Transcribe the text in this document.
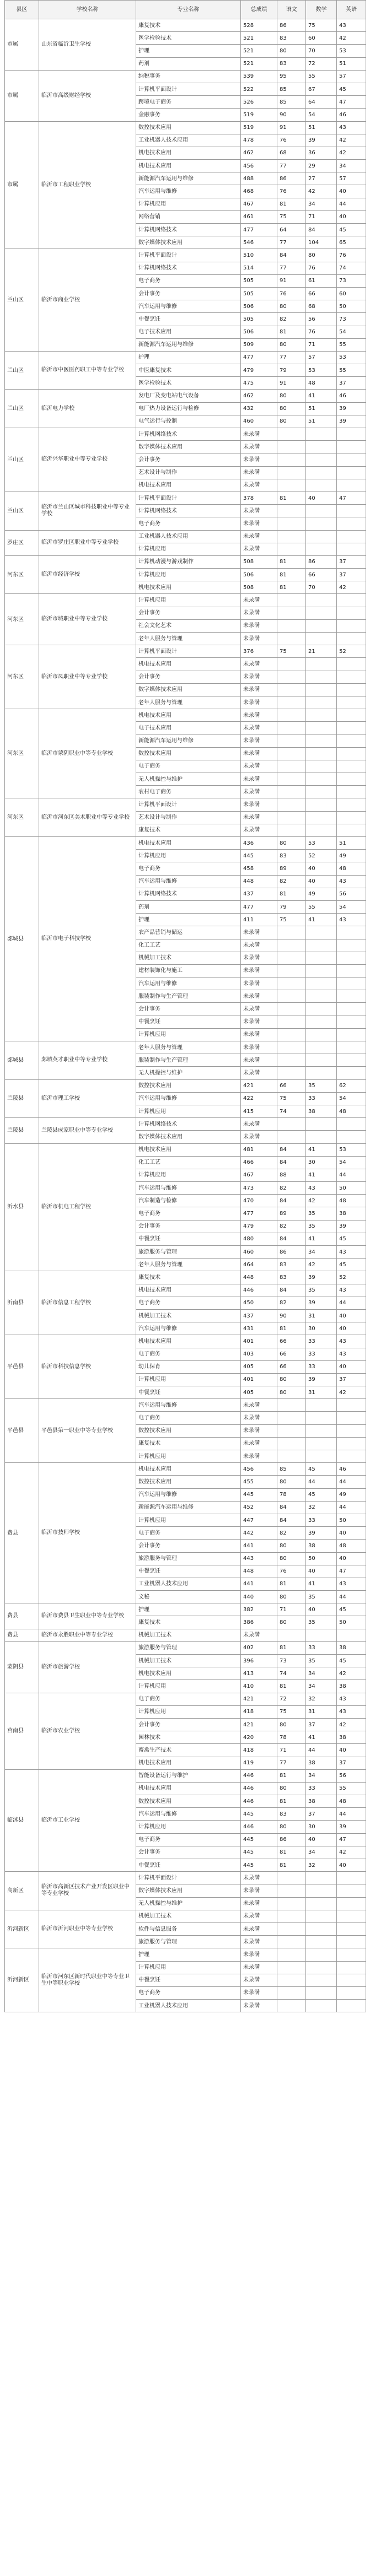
县区	学校名称	专业名称	总成绩	语文	数学	英语
市属	山东省临沂卫生学校	康复技术	528	86	75	43
		医学检验技术	521	83	60	42
		护理	521	80	70	53
		药剂	521	83	72	51
市属	临沂市高级财经学校	纳税事务	539	95	55	57
		计算机平面设计	522	85	67	45
		跨境电子商务	526	85	64	47
		金融事务	519	90	54	46
市属	临沂市工程职业学校	数控技术应用	519	91	51	43
		工业机器人技术应用	478	76	39	42
		机电技术应用	462	68	36	42
		机电技术应用	456	77	29	34
		新能源汽车运用与维修	488	86	27	57
		汽车运用与维修	468	76	42	40
		计算机应用	467	81	34	44
		网络营销	461	75	71	40
		计算机网络技术	477	64	84	45
		数字媒体技术应用	546	77	104	65
兰山区	临沂市商业学校	计算机平面设计	510	84	80	76
		计算机网络技术	514	77	76	74
		电子商务	505	91	61	73
		会计事务	505	76	66	60
		汽车运用与维修	506	80	68	50
		中餐烹饪	505	82	56	73
		电子技术应用	506	81	76	54
		新能源汽车运用与维修	509	80	71	55
兰山区	临沂市中医医药职工中等专业学校	护理	477	77	57	53
		中医康复技术	479	79	53	55
		医学检验技术	475	91	48	37
兰山区	临沂电力学校	发电厂及变电站电气设备	462	80	41	46
		电厂热力设备运行与检修	432	80	51	39
		电气运行与控制	460	80	51	39
兰山区	临沂兴华职业中等专业学校	计算机网络技术	未录满			
		数字媒体技术应用	未录满			
		会计事务	未录满			
		艺术设计与制作	未录满			
		机电技术应用	未录满			
兰山区	临沂市兰山区城市科技职业中等专业学校	计算机平面设计	378	81	40	47
		计算机网络技术	未录满			
		电子商务	未录满			
罗庄区	临沂市罗庄区职业中等专业学校	工业机器人技术应用	未录满			
		计算机应用	未录满			
河东区	临沂市经济学校	计算机动漫与游戏制作	508	81	86	37
		计算机应用	506	81	66	37
		机电技术应用	508	81	70	42
河东区	临沂市城职业中等专业学校	计算机应用	未录满			
		会计事务	未录满			
		社会文化艺术	未录满			
		老年人服务与管理	未录满			
河东区	临沂市凤职业中等专业学校	计算机平面设计	376	75	21	52
		机电技术应用	未录满			
		会计事务	未录满			
		数字媒体技术应用	未录满			
		老年人服务与管理	未录满			
河东区	临沂市蒙阴职业中等专业学校	机电技术应用	未录满			
		电子技术应用	未录满			
		新能源汽车运用与维修	未录满			
		数控技术应用	未录满			
		电子商务	未录满			
		无人机操控与维护	未录满			
		农村电子商务	未录满			
河东区	临沂市河东区美术职业中等专业学校	计算机平面设计	未录满			
		艺术设计与制作	未录满			
		康复技术	未录满			
郯城县	临沂市电子科技学校	机电技术应用	436	80	53	51
		计算机应用	445	83	52	49
		电子商务	458	89	40	48
		汽车运用与维修	448	82	40	43
		计算机网络技术	437	81	49	56
		药剂	477	79	55	54
		护理	411	75	41	43
		农产品营销与储运	未录满			
		化工工艺	未录满			
		机械加工技术	未录满			
		建材装饰化与施工	未录满			
		汽车运用与维修	未录满			
		服装制作与生产管理	未录满			
		会计事务	未录满			
		中餐烹饪	未录满			
		计算机应用	未录满			
郯城县	郯城英才职业中等专业学校	老年人服务与管理	未录满			
		服装制作与生产管理	未录满			
		无人机操控与维护	未录满			
兰陵县	临沂市理工学校	数控技术应用	421	66	35	62
		汽车运用与维修	422	75	33	54
		计算机应用	415	74	38	48
兰陵县	兰陵县成家职业中等专业学校	计算机网络技术	未录满			
		数字媒体技术应用	未录满			
沂水县	临沂市机电工程学校	机电技术应用	481	84	41	53
		化工工艺	466	84	30	54
		计算机应用	467	88	41	44
		汽车运用与维修	473	82	43	50
		汽车制造与检修	470	84	42	48
		电子商务	477	89	35	38
		会计事务	479	82	35	39
		中餐烹饪	480	84	41	45
		旅游服务与管理	460	86	34	43
		老年人服务与管理	464	83	42	45
沂南县	临沂市信息工程学校	康复技术	448	83	39	52
		机电技术应用	446	84	35	43
		电子商务	450	82	39	44
		机械加工技术	437	90	31	40
		汽车运用与维修	431	81	30	40
平邑县	临沂市科技信息学校	机电技术应用	401	66	33	43
		电子商务	403	66	33	43
		幼儿保育	405	66	33	40
		计算机应用	401	80	39	37
		中餐烹饪	405	80	31	42
平邑县	平邑县第一职业中等专业学校	汽车运用与维修	未录满			
		电子商务	未录满			
		数控技术应用	未录满			
		康复技术	未录满			
		计算机应用	未录满			
费县	临沂市技师学校	机电技术应用	456	85	45	46
		数控技术应用	455	80	44	44
		汽车运用与维修	445	78	45	49
		新能源汽车运用与维修	452	84	32	44
		计算机应用	447	84	33	50
		电子商务	442	82	39	40
		会计事务	441	80	38	48
		旅游服务与管理	443	80	50	40
		中餐烹饪	448	76	40	47
		工业机器人技术应用	441	81	41	43
		文秘	440	80	35	44
费县	临沂市费县卫生职业中等专业学校	护理	382	71	40	45
		康复技术	386	80	35	50
费县	临沂市永胜职业中等专业学校	机械加工技术	未录满			
蒙阴县	临沂市旅游学校	旅游服务与管理	402	81	33	38
		机械加工技术	396	73	35	45
		机电技术应用	413	74	34	42
		计算机应用	410	81	34	38
莒南县	临沂市农业学校	电子商务	421	72	32	43
		计算机应用	418	75	31	43
		会计事务	421	80	37	42
		园林技术	420	78	41	38
		畜禽生产技术	418	71	44	40
		机电技术应用	419	77	38	37
临沭县	临沂市工业学校	智能设备运行与维护	446	81	34	56
		机电技术应用	446	80	33	55
		数控技术应用	446	81	38	48
		汽车运用与维修	445	83	37	44
		计算机应用	446	80	30	39
		电子商务	445	86	40	47
		会计事务	445	81	34	42
		中餐烹饪	445	81	32	40
高新区	临沂市高新区技术产业开发区职业中等专业学校	计算机平面设计	未录满			
		数字媒体技术应用	未录满			
		无人机操控与维护	未录满			
沂河新区	临沂市沂河职业中等专业学校	机械加工技术	未录满			
		软件与信息服务	未录满			
		旅游服务与管理	未录满			
沂河新区	临沂市河东区新时代职业中等专业卫生中等职业学校	护理	未录满			
		计算机应用	未录满			
		中餐烹饪	未录满			
		电子商务	未录满			
		工业机器人技术应用	未录满			
